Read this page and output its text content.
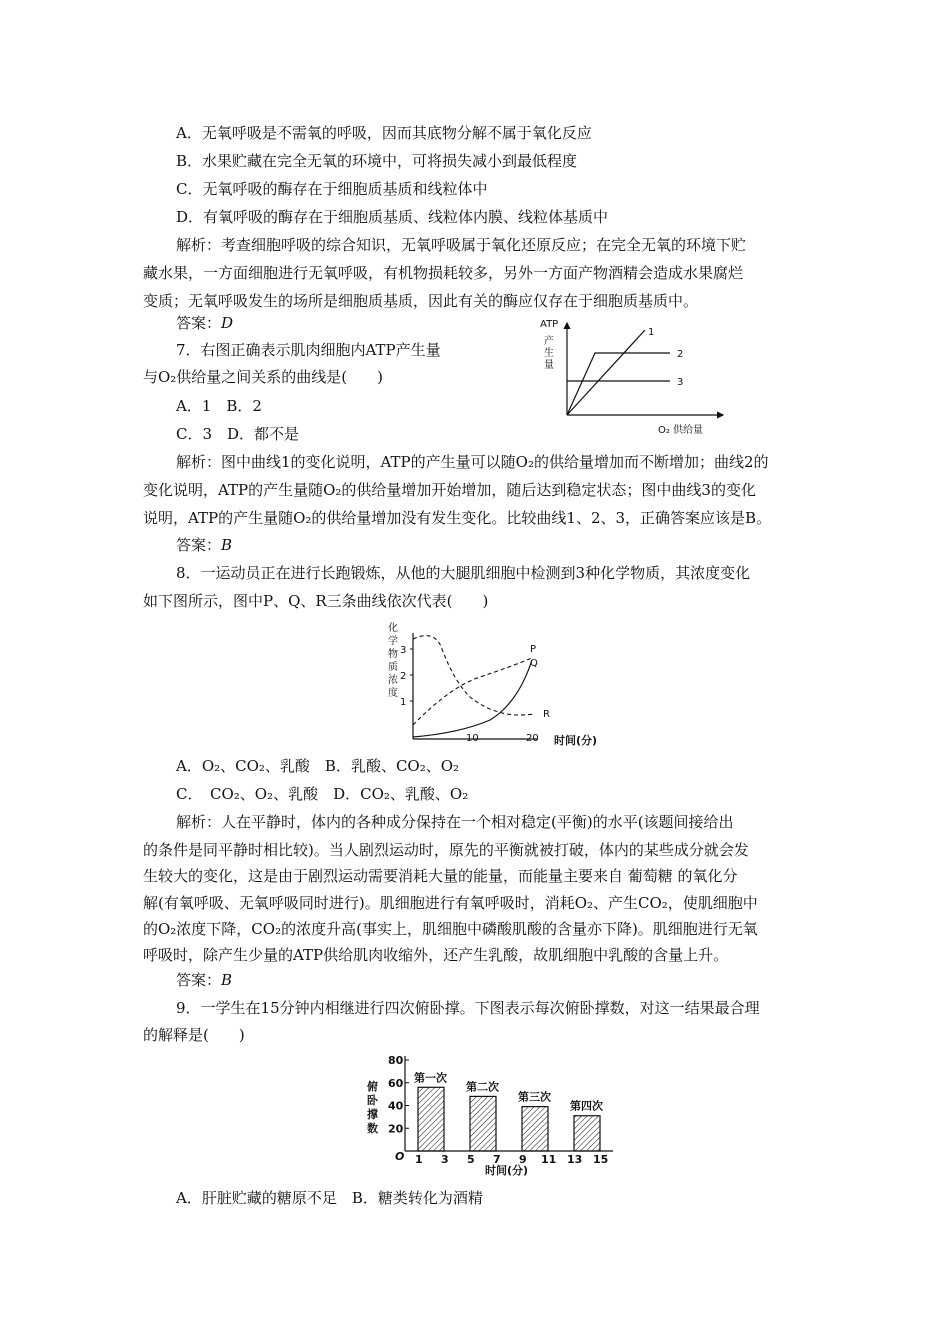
A．无氧呼吸是不需氧的呼吸，因而其底物分解不属于氧化反应
B．水果贮藏在完全无氧的环境中，可将损失减小到最低程度
C．无氧呼吸的酶存在于细胞质基质和线粒体中
D．有氧呼吸的酶存在于细胞质基质、线粒体内膜、线粒体基质中
解析：考查细胞呼吸的综合知识，无氧呼吸属于氧化还原反应；在完全无氧的环境下贮
藏水果，一方面细胞进行无氧呼吸，有机物损耗较多，另外一方面产物酒精会造成水果腐烂
变质；无氧呼吸发生的场所是细胞质基质，因此有关的酶应仅存在于细胞质基质中。
答案：D
7．右图正确表示肌肉细胞内ATP产生量
与O₂供给量之间关系的曲线是(　　)
A．1　B．2
C．3　D．都不是
ATP
产
生
量
1
2
3
O₂ 供给量
解析：图中曲线1的变化说明，ATP的产生量可以随O₂的供给量增加而不断增加；曲线2的
变化说明，ATP的产生量随O₂的供给量增加开始增加，随后达到稳定状态；图中曲线3的变化
说明，ATP的产生量随O₂的供给量增加没有发生变化。比较曲线1、2、3，正确答案应该是B。
答案：B
8．一运动员正在进行长跑锻炼，从他的大腿肌细胞中检测到3种化学物质，其浓度变化
如下图所示，图中P、Q、R三条曲线依次代表(　　)
化
学
物
质
浓
度
1
2
3
10	20 时间(分)
P
Q
R
A．O₂、CO₂、乳酸　B．乳酸、CO₂、O₂
C．　CO₂、O₂、乳酸　D．CO₂、乳酸、O₂
解析：人在平静时，体内的各种成分保持在一个相对稳定(平衡)的水平(该题间接给出
的条件是同平静时相比较)。当人剧烈运动时，原先的平衡就被打破，体内的某些成分就会发
生较大的变化，这是由于剧烈运动需要消耗大量的能量，而能量主要来自 葡萄糖 的氧化分
解(有氧呼吸、无氧呼吸同时进行)。肌细胞进行有氧呼吸时，消耗O₂、产生CO₂，使肌细胞中
的O₂浓度下降，CO₂的浓度升高(事实上，肌细胞中磷酸肌酸的含量亦下降)。肌细胞进行无氧
呼吸时，除产生少量的ATP供给肌肉收缩外，还产生乳酸，故肌细胞中乳酸的含量上升。
答案：B
9．一学生在15分钟内相继进行四次俯卧撑。下图表示每次俯卧撑数，对这一结果最合理
的解释是(　　)
俯
卧
撑
数
O
时间(分)
20
40
60
80
1 3 5 7 9 11 13 15
第一次
第二次
第三次
第四次
A．肝脏贮藏的糖原不足　B．糖类转化为酒精
